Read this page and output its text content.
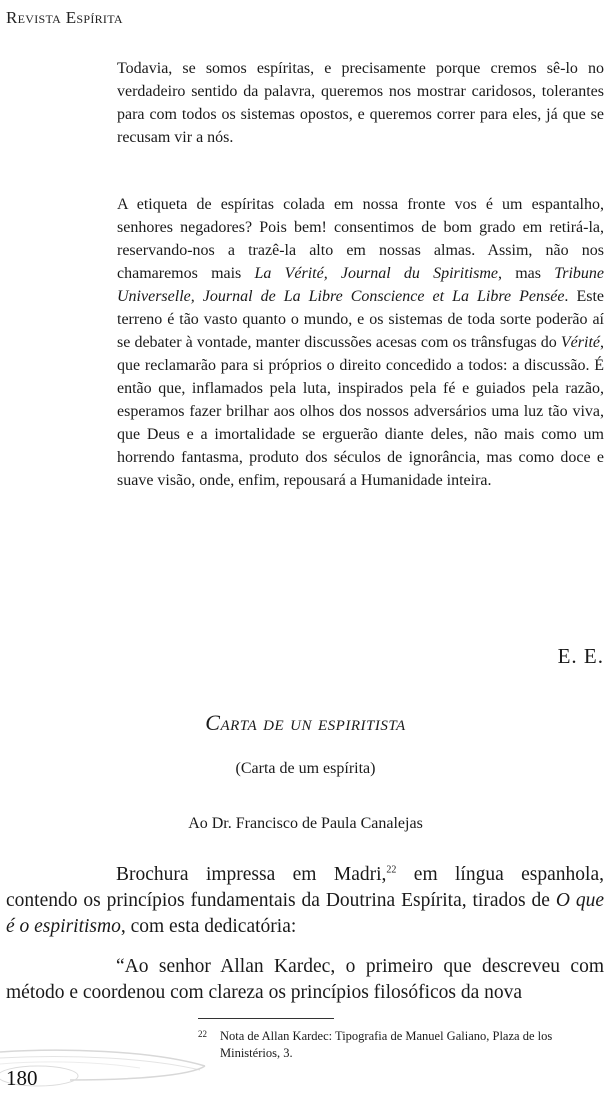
Revista Espírita

Todavia, se somos espíritas, e precisamente porque cremos sê-lo no verdadeiro sentido da palavra, queremos nos mostrar caridosos, tolerantes para com todos os sistemas opostos, e queremos correr para eles, já que se recusam vir a nós.

A etiqueta de espíritas colada em nossa fronte vos é um espantalho, senhores negadores? Pois bem! consentimos de bom grado em retirá-la, reservando-nos a trazê-la alto em nossas almas. Assim, não nos chamaremos mais La Vérité, Journal du Spiritisme, mas Tribune Universelle, Journal de La Libre Conscience et La Libre Pensée. Este terreno é tão vasto quanto o mundo, e os sistemas de toda sorte poderão aí se debater à vontade, manter discussões acesas com os trânsfugas do Vérité, que reclamarão para si próprios o direito concedido a todos: a discussão. É então que, inflamados pela luta, inspirados pela fé e guiados pela razão, esperamos fazer brilhar aos olhos dos nossos adversários uma luz tão viva, que Deus e a imortalidade se erguerão diante deles, não mais como um horrendo fantasma, produto dos séculos de ignorância, mas como doce e suave visão, onde, enfim, repousará a Humanidade inteira.

E. E.
Carta de un espiritista
(Carta de um espírita)
Ao Dr. Francisco de Paula Canalejas

Brochura impressa em Madri,$^{22}$ em língua espanhola, contendo os princípios fundamentais da Doutrina Espírita, tirados de O que é o espiritismo, com esta dedicatória:

“Ao senhor Allan Kardec, o primeiro que descreveu com método e coordenou com clareza os princípios filosóficos da nova

22	Nota de Allan Kardec: Tipografia de Manuel Galiano, Plaza de los Ministérios, 3.
180
